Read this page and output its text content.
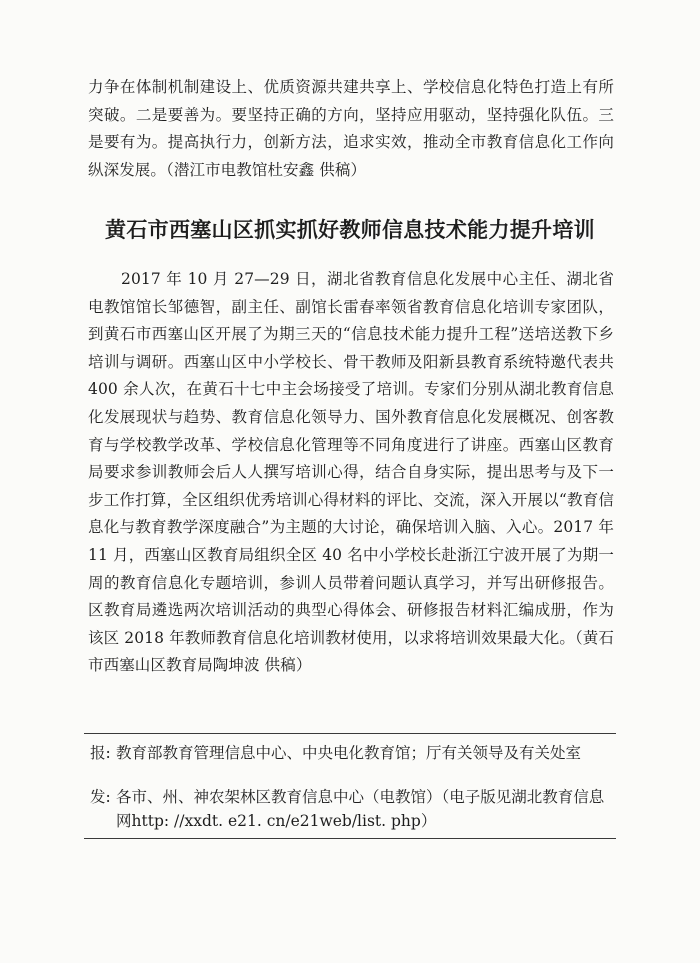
力争在体制机制建设上、优质资源共建共享上、学校信息化特色打造上有所突破。二是要善为。要坚持正确的方向，坚持应用驱动，坚持强化队伍。三是要有为。提高执行力，创新方法，追求实效，推动全市教育信息化工作向纵深发展。（潜江市电教馆杜安鑫 供稿）

黄石市西塞山区抓实抓好教师信息技术能力提升培训

2017 年 10 月 27—29 日，湖北省教育信息化发展中心主任、湖北省电教馆馆长邹德智，副主任、副馆长雷春率领省教育信息化培训专家团队，到黄石市西塞山区开展了为期三天的“信息技术能力提升工程”送培送教下乡培训与调研。西塞山区中小学校长、骨干教师及阳新县教育系统特邀代表共 400 余人次，在黄石十七中主会场接受了培训。专家们分别从湖北教育信息化发展现状与趋势、教育信息化领导力、国外教育信息化发展概况、创客教育与学校教学改革、学校信息化管理等不同角度进行了讲座。西塞山区教育局要求参训教师会后人人撰写培训心得，结合自身实际，提出思考与及下一步工作打算，全区组织优秀培训心得材料的评比、交流，深入开展以“教育信息化与教育教学深度融合”为主题的大讨论，确保培训入脑、入心。2017 年 11 月，西塞山区教育局组织全区 40 名中小学校长赴浙江宁波开展了为期一周的教育信息化专题培训，参训人员带着问题认真学习，并写出研修报告。区教育局遴选两次培训活动的典型心得体会、研修报告材料汇编成册，作为该区 2018 年教师教育信息化培训教材使用，以求将培训效果最大化。（黄石市西塞山区教育局陶坤波 供稿）

报: 教育部教育管理信息中心、中央电化教育馆；厅有关领导及有关处室
发: 各市、州、神农架林区教育信息中心（电教馆）（电子版见湖北教育信息网http: //xxdt. e21. cn/e21web/list. php）
